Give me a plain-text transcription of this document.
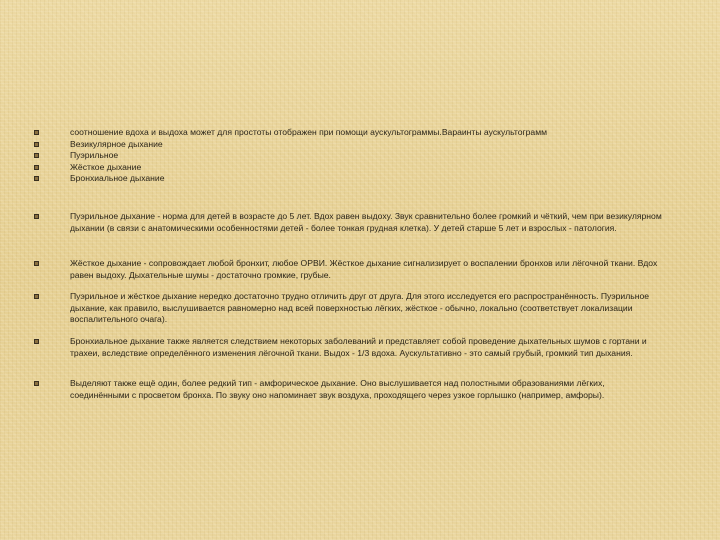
соотношение вдоха и выдоха может для простоты отображен при помощи аускультограммы.Вараинты аускультограмм
Везикулярное дыхание
Пуэрильное
Жёсткое дыхание
Бронхиальное дыхание
Пуэрильное дыхание - норма для детей в возрасте до 5 лет. Вдох равен выдоху. Звук сравнительно более громкий и чёткий, чем при везикулярном дыхании (в связи с анатомическими особенностями детей - более тонкая грудная клетка). У детей старше 5 лет и взрослых - патология.
Жёсткое дыхание - сопровождает любой бронхит, любое ОРВИ. Жёсткое дыхание сигнализирует о воспалении бронхов или лёгочной ткани. Вдох равен выдоху. Дыхательные шумы - достаточно громкие, грубые.
Пуэрильное и жёсткое дыхание нередко достаточно трудно отличить друг от друга. Для этого исследуется его распространённость. Пуэрильное дыхание, как правило, выслушивается равномерно над всей поверхностью лёгких, жёсткое - обычно, локально (соответствует локализации воспалительного очага).
Бронхиальное дыхание также является следствием некоторых заболеваний и представляет собой проведение дыхательных шумов с гортани и трахеи, вследствие определённого изменения лёгочной ткани. Выдох - 1/3 вдоха. Аускультативно - это самый грубый, громкий тип дыхания.
Выделяют также ещё один, более редкий тип - амфорическое дыхание. Оно выслушивается над полостными образованиями лёгких, соединёнными с просветом бронха. По звуку оно напоминает звук воздуха, проходящего через узкое горлышко (например, амфоры).
